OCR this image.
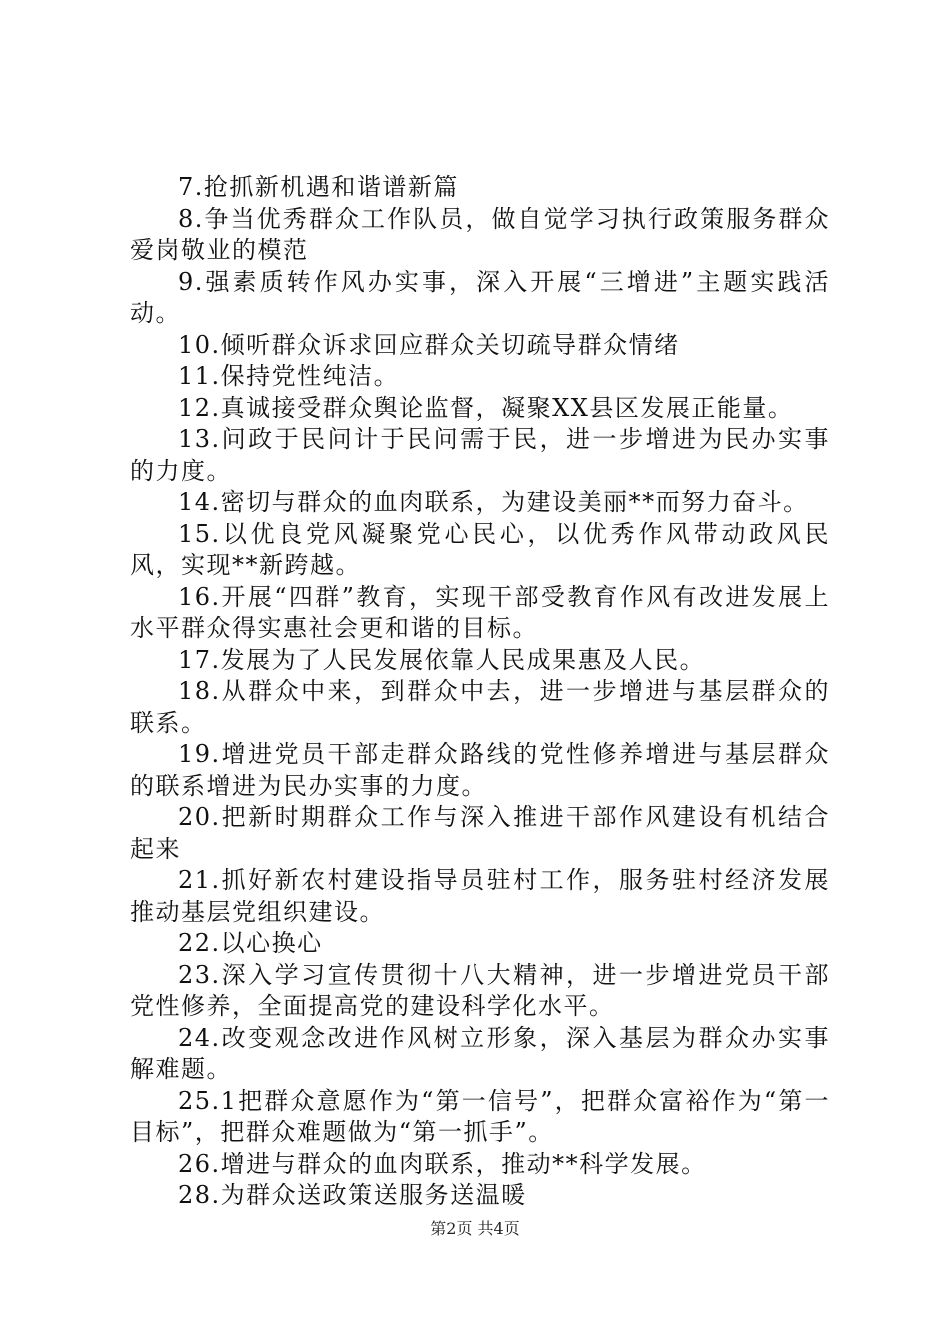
7.抢抓新机遇和谐谱新篇

8.争当优秀群众工作队员，做自觉学习执行政策服务群众爱岗敬业的模范

9.强素质转作风办实事，深入开展“三增进”主题实践活动。

10.倾听群众诉求回应群众关切疏导群众情绪

11.保持党性纯洁。

12.真诚接受群众舆论监督，凝聚XX县区发展正能量。

13.问政于民问计于民问需于民，进一步增进为民办实事的力度。

14.密切与群众的血肉联系，为建设美丽**而努力奋斗。

15.以优良党风凝聚党心民心，以优秀作风带动政风民风，实现**新跨越。

16.开展“四群”教育，实现干部受教育作风有改进发展上水平群众得实惠社会更和谐的目标。

17.发展为了人民发展依靠人民成果惠及人民。

18.从群众中来，到群众中去，进一步增进与基层群众的联系。

19.增进党员干部走群众路线的党性修养增进与基层群众的联系增进为民办实事的力度。

20.把新时期群众工作与深入推进干部作风建设有机结合起来

21.抓好新农村建设指导员驻村工作，服务驻村经济发展推动基层党组织建设。

22.以心换心

23.深入学习宣传贯彻十八大精神，进一步增进党员干部党性修养，全面提高党的建设科学化水平。

24.改变观念改进作风树立形象，深入基层为群众办实事解难题。

25.1把群众意愿作为“第一信号”，把群众富裕作为“第一目标”，把群众难题做为“第一抓手”。

26.增进与群众的血肉联系，推动**科学发展。

28.为群众送政策送服务送温暖

第2页 共4页
